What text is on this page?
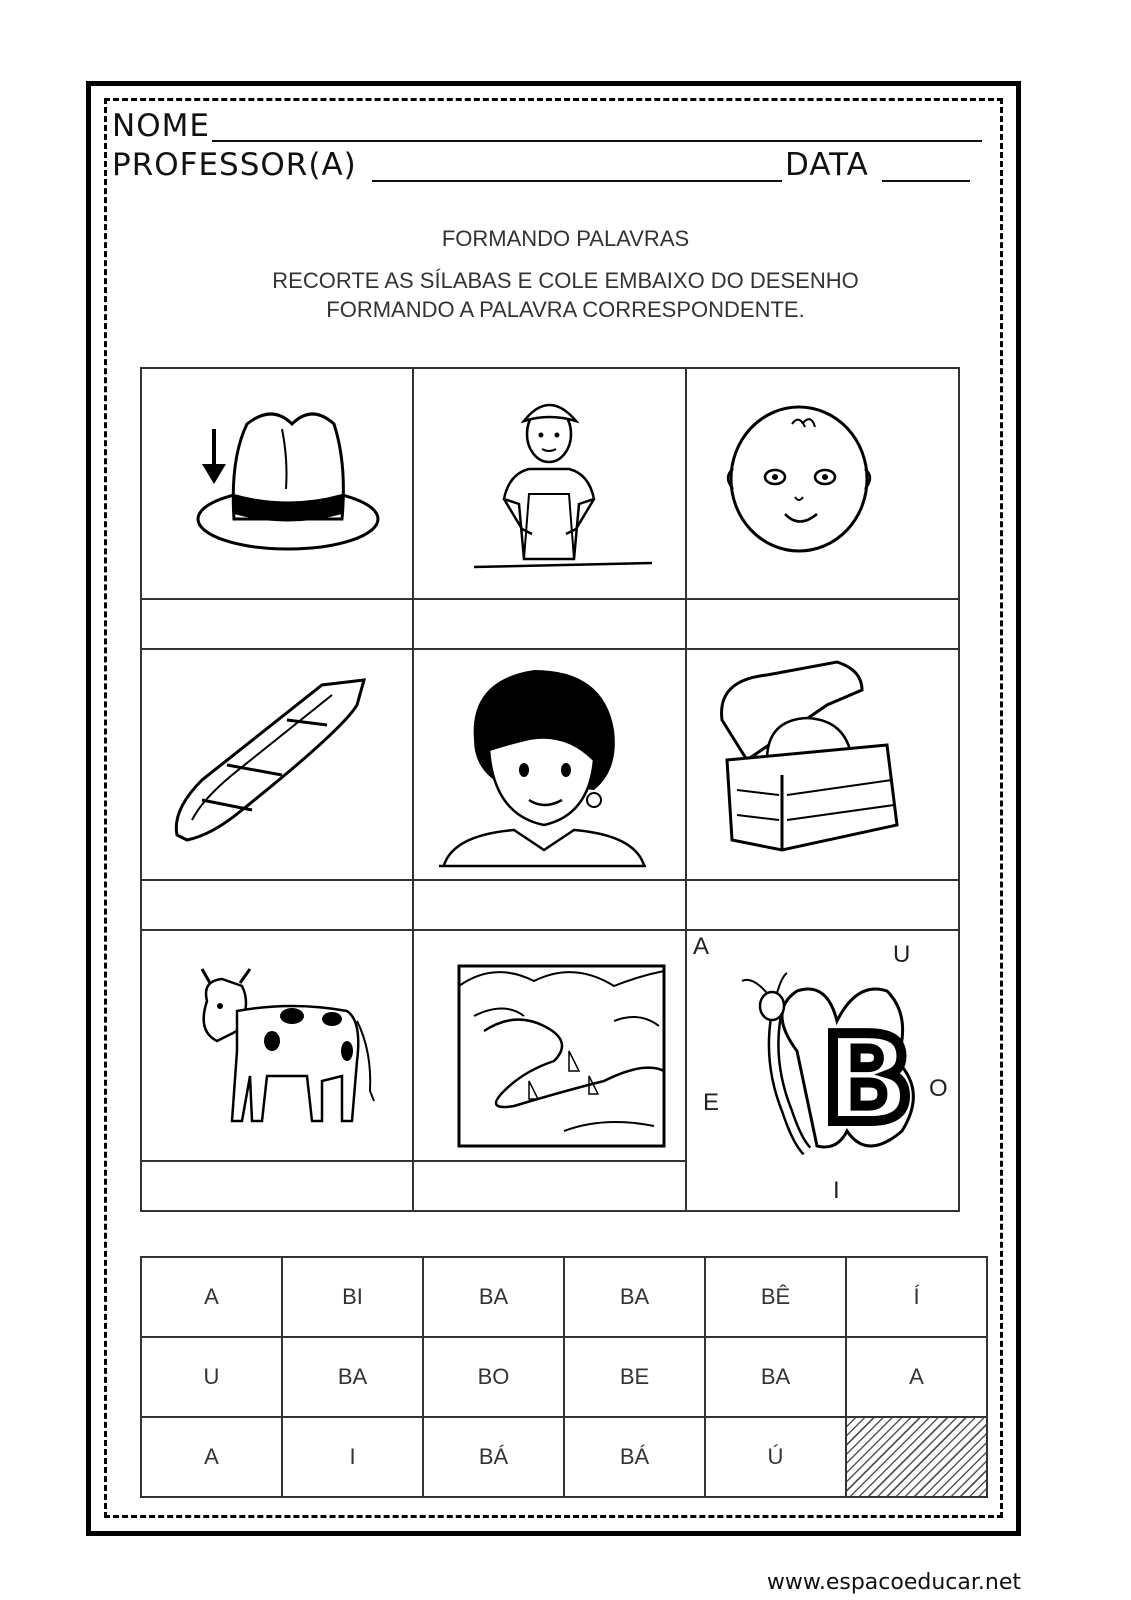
NOME
PROFESSOR(A)	DATA
FORMANDO PALAVRAS
RECORTE AS SÍLABAS E COLE EMBAIXO DO DESENHO
FORMANDO A PALAVRA CORRESPONDENTE.
A	U
E
O
I
B
A	BI	BA	BA	BÊ	Í
U	BA	BO	BE	BA	A
A	I	BÁ	BÁ	Ú	
www.espacoeducar.net
